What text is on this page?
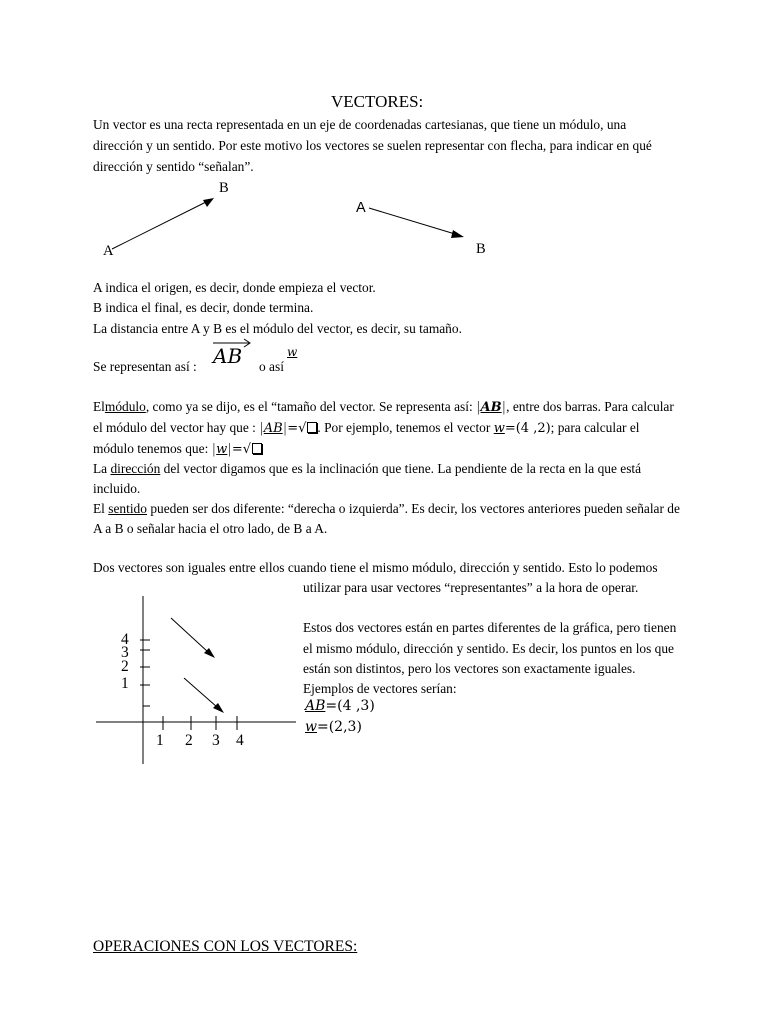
VECTORES:
Un vector es una recta representada en un eje de coordenadas cartesianas, que tiene un módulo, una
dirección y un sentido. Por este motivo los vectores se suelen representar con flecha, para indicar en qué
dirección y sentido “señalan”.
A
B
A
B
A indica el origen, es decir, donde empieza el vector.
B indica el final, es decir, donde termina.
La distancia entre A y B es el módulo del vector, es decir, su tamaño.
Se representan así : AB o así
w
Elmódulo, como ya se dijo, es el “tamaño del vector. Se representa así: |AB|, entre dos barras. Para calcular
el módulo del vector hay que : |AB|=√ . Por ejemplo, tenemos el vector w=(4 ,2); para calcular el
módulo tenemos que: |w|=√
La dirección del vector digamos que es la inclinación que tiene. La pendiente de la recta en la que está
incluido.
El sentido pueden ser dos diferente: “derecha o izquierda”. Es decir, los vectores anteriores pueden señalar de
A a B o señalar hacia el otro lado, de B a A.
Dos vectores son iguales entre ellos cuando tiene el mismo módulo, dirección y sentido. Esto lo podemos
utilizar para usar vectores “representantes” a la hora de operar.
4
3
2
1
1 2 3 4
Estos dos vectores están en partes diferentes de la gráfica, pero tienen
el mismo módulo, dirección y sentido. Es decir, los puntos en los que
están son distintos, pero los vectores son exactamente iguales.
Ejemplos de vectores serían:
AB=(4 ,3)
w=(2,3)
OPERACIONES CON LOS VECTORES:
